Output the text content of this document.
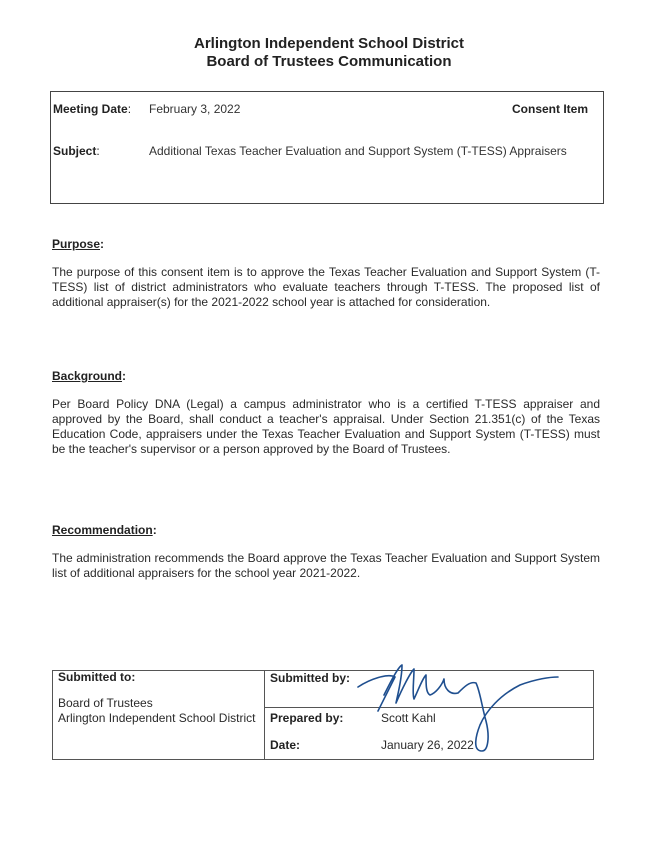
Arlington Independent School District
Board of Trustees Communication
Meeting Date: February 3, 2022	Consent Item
Subject:	Additional Texas Teacher Evaluation and Support System (T-TESS) Appraisers
Purpose:
The purpose of this consent item is to approve the Texas Teacher Evaluation and Support System (T-TESS) list of district administrators who evaluate teachers through T-TESS. The proposed list of additional appraiser(s) for the 2021-2022 school year is attached for consideration.
Background:
Per Board Policy DNA (Legal) a campus administrator who is a certified T-TESS appraiser and approved by the Board, shall conduct a teacher's appraisal. Under Section 21.351(c) of the Texas Education Code, appraisers under the Texas Teacher Evaluation and Support System (T-TESS) must be the teacher's supervisor or a person approved by the Board of Trustees.
Recommendation:
The administration recommends the Board approve the Texas Teacher Evaluation and Support System list of additional appraisers for the school year 2021-2022.
Submitted to:
Board of Trustees
Arlington Independent School District
Submitted by:
Prepared by:	Scott Kahl
Date:	January 26, 2022
